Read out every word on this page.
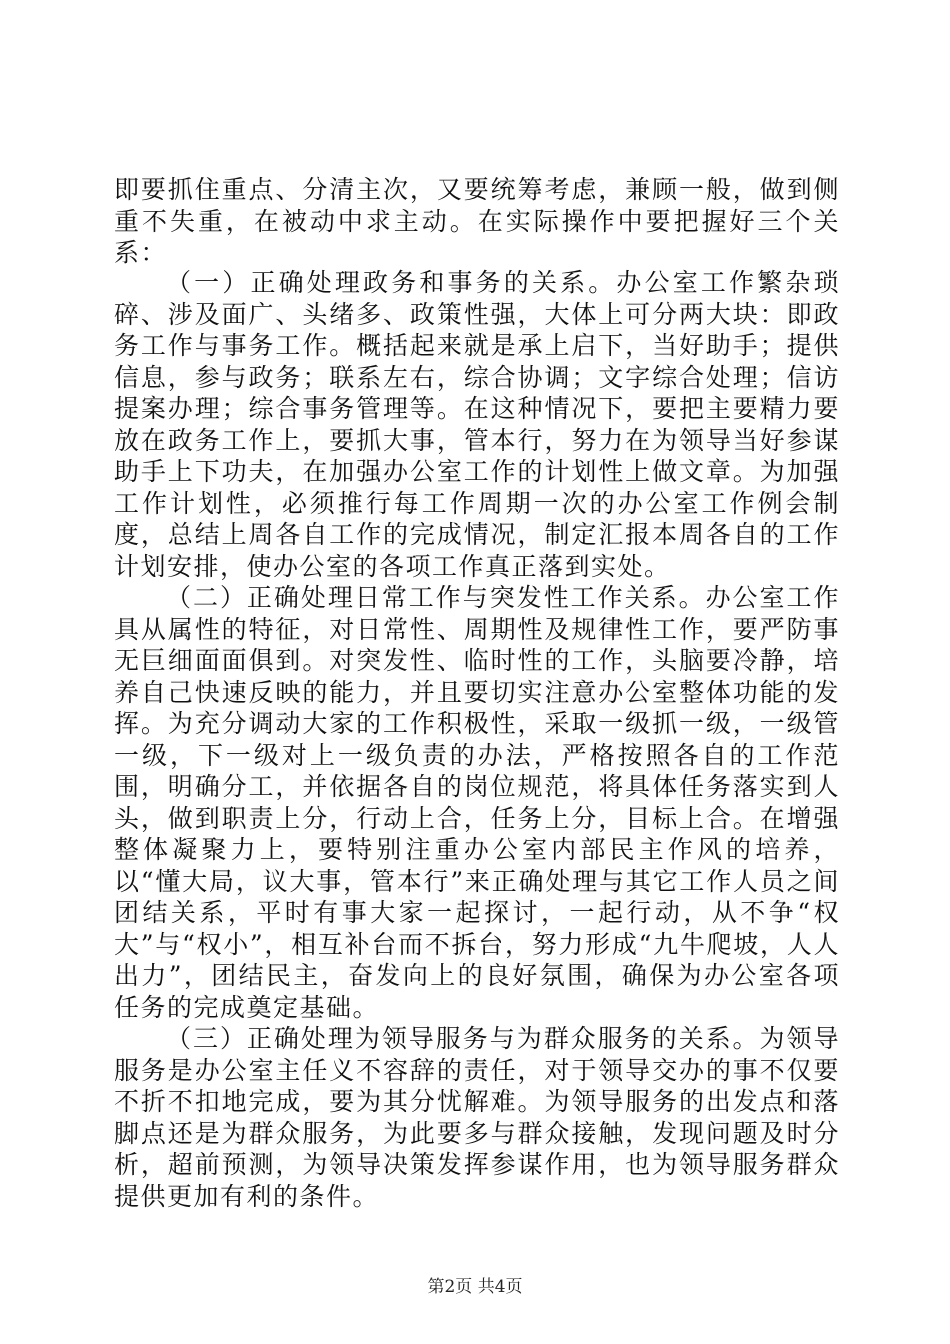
即要抓住重点、分清主次，又要统筹考虑，兼顾一般，做到侧重不失重，在被动中求主动。在实际操作中要把握好三个关系：

（一）正确处理政务和事务的关系。办公室工作繁杂琐碎、涉及面广、头绪多、政策性强，大体上可分两大块：即政务工作与事务工作。概括起来就是承上启下，当好助手；提供信息，参与政务；联系左右，综合协调；文字综合处理；信访提案办理；综合事务管理等。在这种情况下，要把主要精力要放在政务工作上，要抓大事，管本行，努力在为领导当好参谋助手上下功夫，在加强办公室工作的计划性上做文章。为加强工作计划性，必须推行每工作周期一次的办公室工作例会制度，总结上周各自工作的完成情况，制定汇报本周各自的工作计划安排，使办公室的各项工作真正落到实处。

（二）正确处理日常工作与突发性工作关系。办公室工作具从属性的特征，对日常性、周期性及规律性工作，要严防事无巨细面面俱到。对突发性、临时性的工作，头脑要冷静，培养自己快速反映的能力，并且要切实注意办公室整体功能的发挥。为充分调动大家的工作积极性，采取一级抓一级，一级管一级，下一级对上一级负责的办法，严格按照各自的工作范围，明确分工，并依据各自的岗位规范，将具体任务落实到人头，做到职责上分，行动上合，任务上分，目标上合。在增强整体凝聚力上，要特别注重办公室内部民主作风的培养，以“懂大局，议大事，管本行”来正确处理与其它工作人员之间团结关系，平时有事大家一起探讨，一起行动，从不争“权大”与“权小”，相互补台而不拆台，努力形成“九牛爬坡，人人出力”，团结民主，奋发向上的良好氛围，确保为办公室各项任务的完成奠定基础。

（三）正确处理为领导服务与为群众服务的关系。为领导服务是办公室主任义不容辞的责任，对于领导交办的事不仅要不折不扣地完成，要为其分忧解难。为领导服务的出发点和落脚点还是为群众服务，为此要多与群众接触，发现问题及时分析，超前预测，为领导决策发挥参谋作用，也为领导服务群众提供更加有利的条件。

第2页 共4页
